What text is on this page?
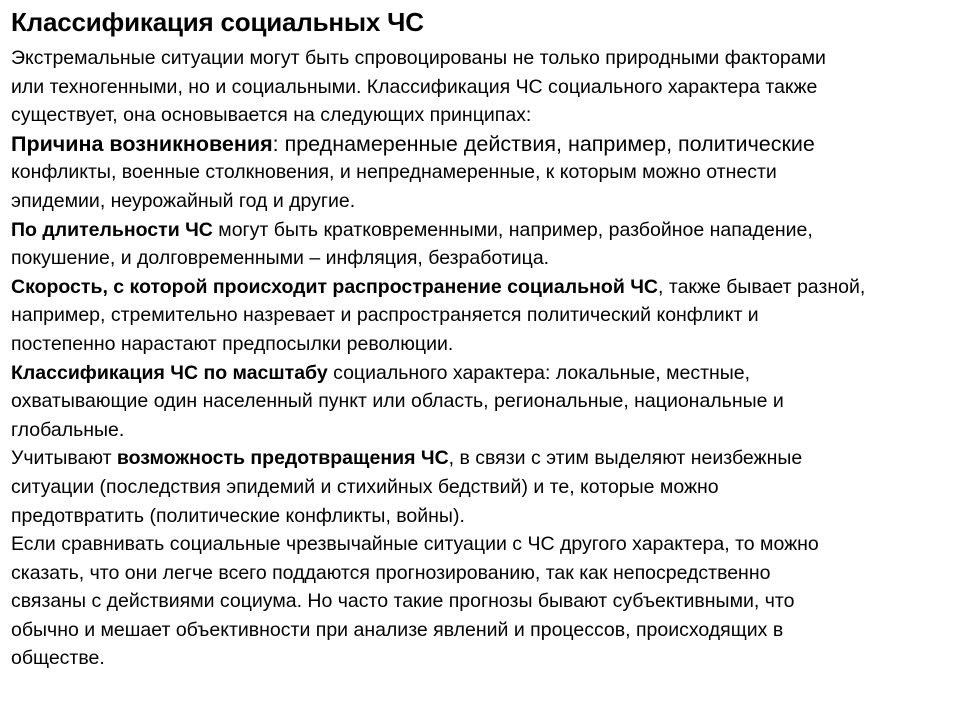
Классификация социальных ЧС
Экстремальные ситуации могут быть спровоцированы не только природными факторами
или техногенными, но и социальными. Классификация ЧС социального характера также
существует, она основывается на следующих принципах:
Причина возникновения: преднамеренные действия, например, политические
конфликты, военные столкновения, и непреднамеренные, к которым можно отнести
эпидемии, неурожайный год и другие.
По длительности ЧС могут быть кратковременными, например, разбойное нападение,
покушение, и долговременными – инфляция, безработица.
Скорость, с которой происходит распространение социальной ЧС, также бывает разной,
например, стремительно назревает и распространяется политический конфликт и
постепенно нарастают предпосылки революции.
Классификация ЧС по масштабу социального характера: локальные, местные,
охватывающие один населенный пункт или область, региональные, национальные и
глобальные.
Учитывают возможность предотвращения ЧС, в связи с этим выделяют неизбежные
ситуации (последствия эпидемий и стихийных бедствий) и те, которые можно
предотвратить (политические конфликты, войны).
Если сравнивать социальные чрезвычайные ситуации с ЧС другого характера, то можно
сказать, что они легче всего поддаются прогнозированию, так как непосредственно
связаны с действиями социума. Но часто такие прогнозы бывают субъективными, что
обычно и мешает объективности при анализе явлений и процессов, происходящих в
обществе.
